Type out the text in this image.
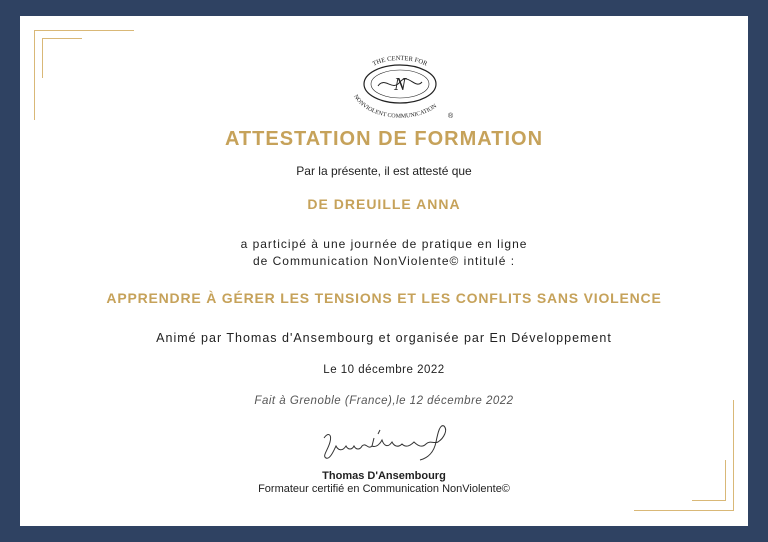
N
THE CENTER FOR
NONVIOLENT COMMUNICATION
®
ATTESTATION DE FORMATION
Par la présente, il est attesté que
DE DREUILLE ANNA
a participé à une journée de pratique en ligne
de Communication NonViolente© intitulé :
APPRENDRE À GÉRER LES TENSIONS ET LES CONFLITS SANS VIOLENCE
Animé par Thomas d'Ansembourg et organisée par En Développement
Le 10 décembre 2022
Fait à Grenoble (France),le 12 décembre 2022
Thomas D'Ansembourg
Formateur certifié en Communication NonViolente©
